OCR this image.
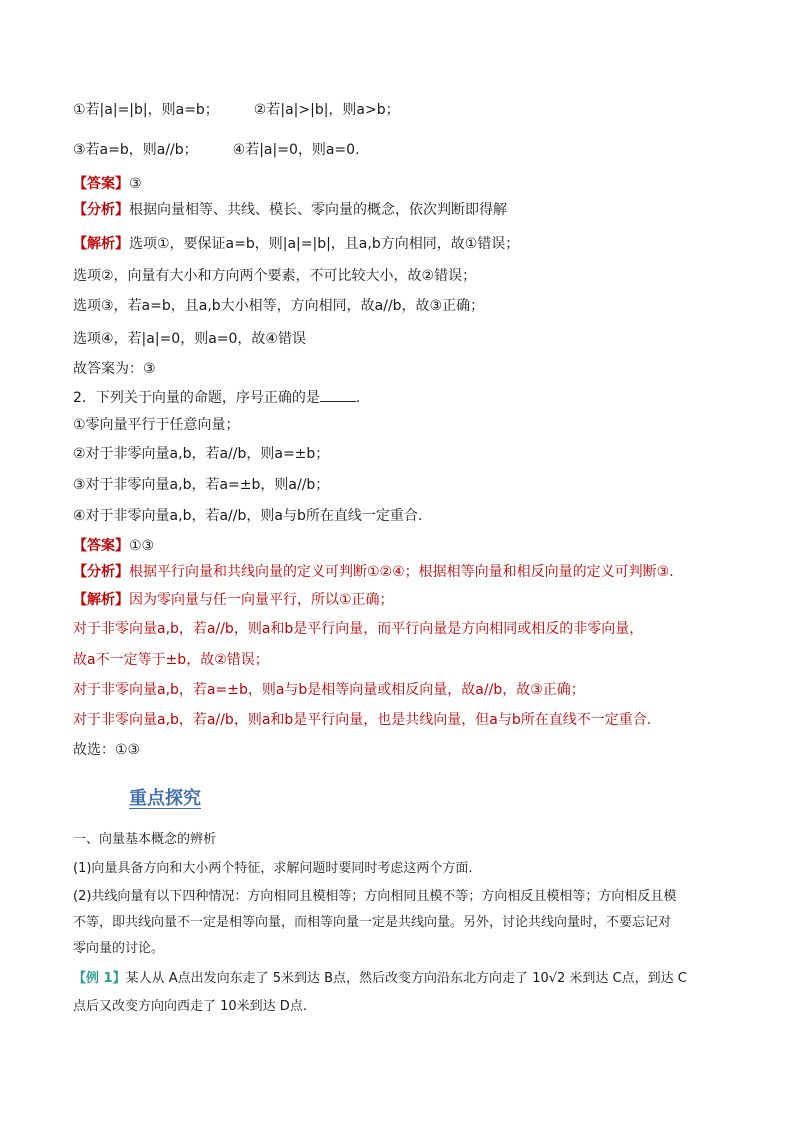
①若|a|=|b|，则a=b；　　　②若|a|>|b|，则a>b；
③若a=b，则a//b；　　　④若|a|=0，则a=0.
【答案】③
【分析】根据向量相等、共线、模长、零向量的概念，依次判断即得解
【解析】选项①，要保证a=b，则|a|=|b|，且a,b方向相同，故①错误；
选项②，向量有大小和方向两个要素，不可比较大小，故②错误；
选项③，若a=b，且a,b大小相等，方向相同，故a//b，故③正确；
选项④，若|a|=0，则a=0，故④错误
故答案为：③
2．下列关于向量的命题，序号正确的是	.
①零向量平行于任意向量；
②对于非零向量a,b，若a//b，则a=±b；
③对于非零向量a,b，若a=±b，则a//b；
④对于非零向量a,b，若a//b，则a与b所在直线一定重合.
【答案】①③
【分析】根据平行向量和共线向量的定义可判断①②④；根据相等向量和相反向量的定义可判断③.
【解析】因为零向量与任一向量平行，所以①正确；
对于非零向量a,b，若a//b，则a和b是平行向量，而平行向量是方向相同或相反的非零向量，
故a不一定等于±b，故②错误；
对于非零向量a,b，若a=±b，则a与b是相等向量或相反向量，故a//b，故③正确；
对于非零向量a,b，若a//b，则a和b是平行向量，也是共线向量，但a与b所在直线不一定重合.
故选：①③
重点探究
一、向量基本概念的辨析
(1)向量具备方向和大小两个特征，求解问题时要同时考虑这两个方面.
(2)共线向量有以下四种情况：方向相同且模相等；方向相同且模不等；方向相反且模相等；方向相反且模
不等，即共线向量不一定是相等向量，而相等向量一定是共线向量。另外，讨论共线向量时，不要忘记对
零向量的讨论。
【例 1】某人从 A点出发向东走了 5米到达 B点，然后改变方向沿东北方向走了 10√2 米到达 C点，到达 C
点后又改变方向向西走了 10米到达 D点.
